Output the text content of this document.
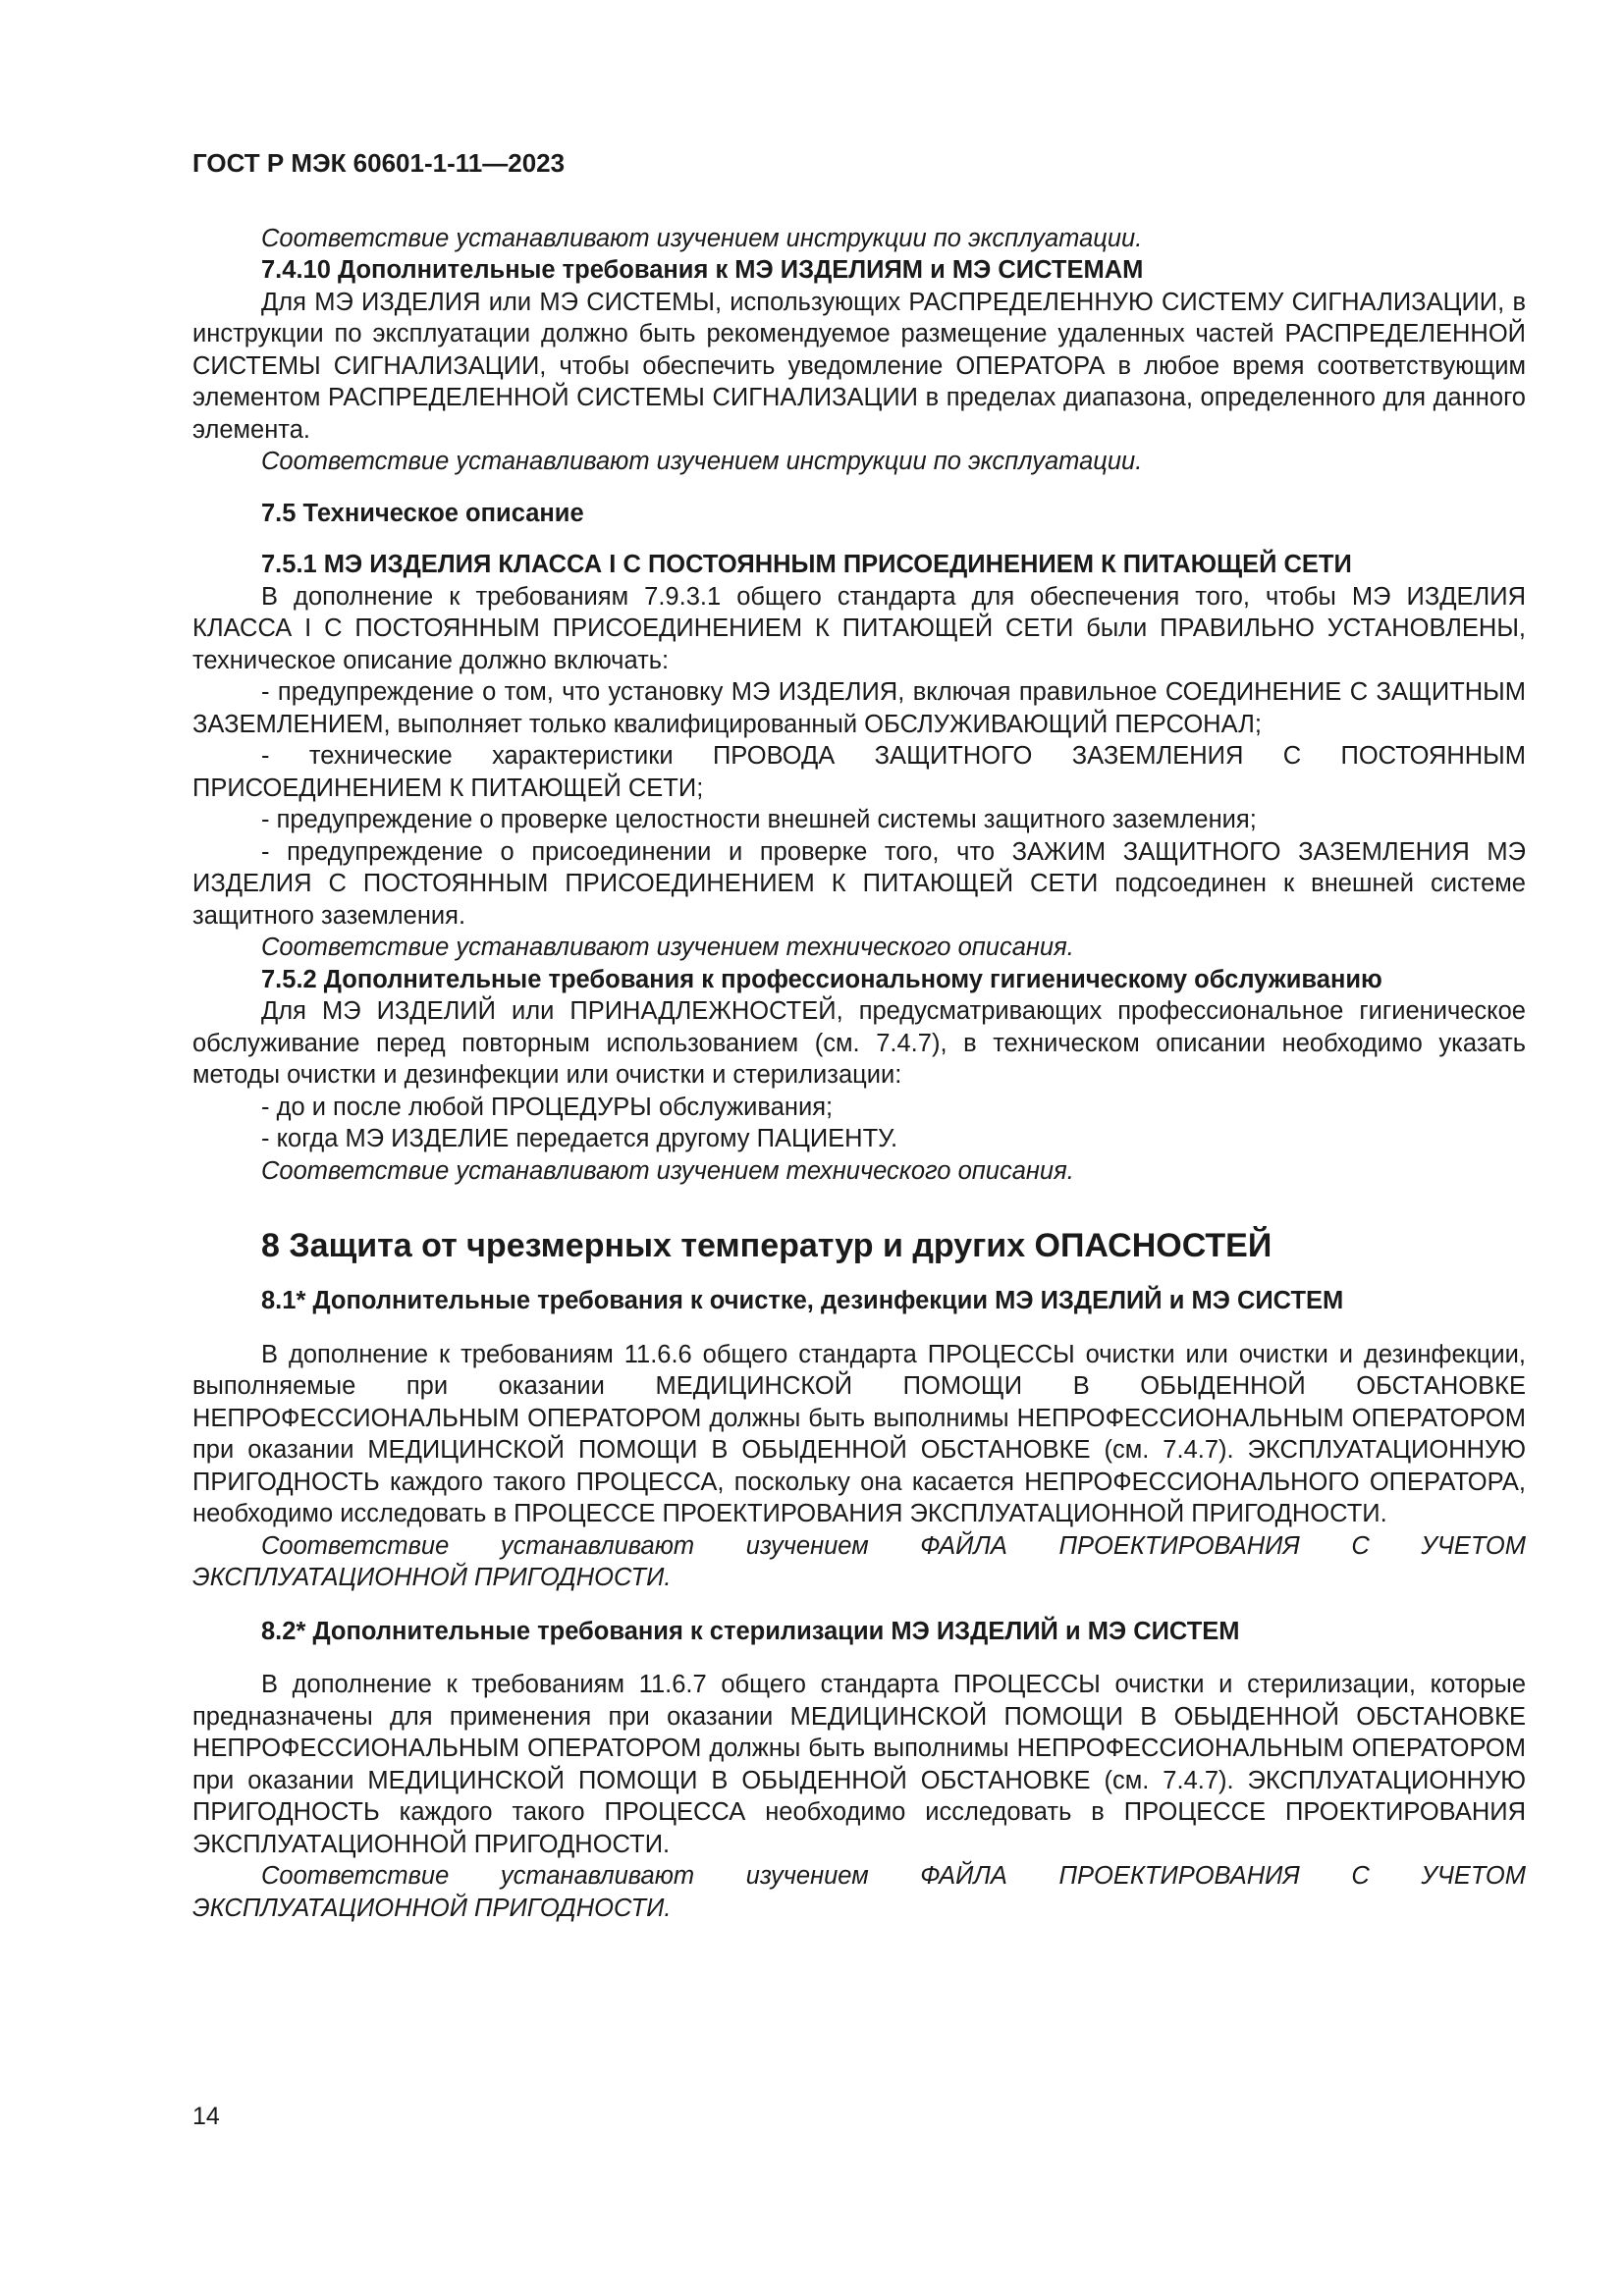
ГОСТ Р МЭК 60601-1-11—2023

Соответствие устанавливают изучением инструкции по эксплуатации.

7.4.10 Дополнительные требования к МЭ ИЗДЕЛИЯМ и МЭ СИСТЕМАМ

Для МЭ ИЗДЕЛИЯ или МЭ СИСТЕМЫ, использующих РАСПРЕДЕЛЕННУЮ СИСТЕМУ СИГНАЛИЗАЦИИ, в инструкции по эксплуатации должно быть рекомендуемое размещение удаленных частей РАСПРЕДЕЛЕННОЙ СИСТЕМЫ СИГНАЛИЗАЦИИ, чтобы обеспечить уведомление ОПЕРАТОРА в любое время соответствующим элементом РАСПРЕДЕЛЕННОЙ СИСТЕМЫ СИГНАЛИЗАЦИИ в пределах диапазона, определенного для данного элемента.

Соответствие устанавливают изучением инструкции по эксплуатации.

7.5 Техническое описание

7.5.1 МЭ ИЗДЕЛИЯ КЛАССА I С ПОСТОЯННЫМ ПРИСОЕДИНЕНИЕМ К ПИТАЮЩЕЙ СЕТИ

В дополнение к требованиям 7.9.3.1 общего стандарта для обеспечения того, чтобы МЭ ИЗДЕЛИЯ КЛАССА I С ПОСТОЯННЫМ ПРИСОЕДИНЕНИЕМ К ПИТАЮЩЕЙ СЕТИ были ПРАВИЛЬНО УСТАНОВЛЕНЫ, техническое описание должно включать:

- предупреждение о том, что установку МЭ ИЗДЕЛИЯ, включая правильное СОЕДИНЕНИЕ С ЗАЩИТНЫМ ЗАЗЕМЛЕНИЕМ, выполняет только квалифицированный ОБСЛУЖИВАЮЩИЙ ПЕРСОНАЛ;

- технические характеристики ПРОВОДА ЗАЩИТНОГО ЗАЗЕМЛЕНИЯ С ПОСТОЯННЫМ ПРИСОЕДИНЕНИЕМ К ПИТАЮЩЕЙ СЕТИ;

- предупреждение о проверке целостности внешней системы защитного заземления;

- предупреждение о присоединении и проверке того, что ЗАЖИМ ЗАЩИТНОГО ЗАЗЕМЛЕНИЯ МЭ ИЗДЕЛИЯ С ПОСТОЯННЫМ ПРИСОЕДИНЕНИЕМ К ПИТАЮЩЕЙ СЕТИ подсоединен к внешней системе защитного заземления.

Соответствие устанавливают изучением технического описания.

7.5.2 Дополнительные требования к профессиональному гигиеническому обслуживанию

Для МЭ ИЗДЕЛИЙ или ПРИНАДЛЕЖНОСТЕЙ, предусматривающих профессиональное гигиеническое обслуживание перед повторным использованием (см. 7.4.7), в техническом описании необходимо указать методы очистки и дезинфекции или очистки и стерилизации:

- до и после любой ПРОЦЕДУРЫ обслуживания;

- когда МЭ ИЗДЕЛИЕ передается другому ПАЦИЕНТУ.

Соответствие устанавливают изучением технического описания.

8 Защита от чрезмерных температур и других ОПАСНОСТЕЙ

8.1* Дополнительные требования к очистке, дезинфекции МЭ ИЗДЕЛИЙ и МЭ СИСТЕМ

В дополнение к требованиям 11.6.6 общего стандарта ПРОЦЕССЫ очистки или очистки и дезинфекции, выполняемые при оказании МЕДИЦИНСКОЙ ПОМОЩИ В ОБЫДЕННОЙ ОБСТАНОВКЕ НЕПРОФЕССИОНАЛЬНЫМ ОПЕРАТОРОМ должны быть выполнимы НЕПРОФЕССИОНАЛЬНЫМ ОПЕРАТОРОМ при оказании МЕДИЦИНСКОЙ ПОМОЩИ В ОБЫДЕННОЙ ОБСТАНОВКЕ (см. 7.4.7). ЭКСПЛУАТАЦИОННУЮ ПРИГОДНОСТЬ каждого такого ПРОЦЕССА, поскольку она касается НЕПРОФЕССИОНАЛЬНОГО ОПЕРАТОРА, необходимо исследовать в ПРОЦЕССЕ ПРОЕКТИРОВАНИЯ ЭКСПЛУАТАЦИОННОЙ ПРИГОДНОСТИ.

Соответствие устанавливают изучением ФАЙЛА ПРОЕКТИРОВАНИЯ С УЧЕТОМ ЭКСПЛУАТАЦИОННОЙ ПРИГОДНОСТИ.

8.2* Дополнительные требования к стерилизации МЭ ИЗДЕЛИЙ и МЭ СИСТЕМ

В дополнение к требованиям 11.6.7 общего стандарта ПРОЦЕССЫ очистки и стерилизации, которые предназначены для применения при оказании МЕДИЦИНСКОЙ ПОМОЩИ В ОБЫДЕННОЙ ОБСТАНОВКЕ НЕПРОФЕССИОНАЛЬНЫМ ОПЕРАТОРОМ должны быть выполнимы НЕПРОФЕССИОНАЛЬНЫМ ОПЕРАТОРОМ при оказании МЕДИЦИНСКОЙ ПОМОЩИ В ОБЫДЕННОЙ ОБСТАНОВКЕ (см. 7.4.7). ЭКСПЛУАТАЦИОННУЮ ПРИГОДНОСТЬ каждого такого ПРОЦЕССА необходимо исследовать в ПРОЦЕССЕ ПРОЕКТИРОВАНИЯ ЭКСПЛУАТАЦИОННОЙ ПРИГОДНОСТИ.

Соответствие устанавливают изучением ФАЙЛА ПРОЕКТИРОВАНИЯ С УЧЕТОМ ЭКСПЛУАТАЦИОННОЙ ПРИГОДНОСТИ.

14
